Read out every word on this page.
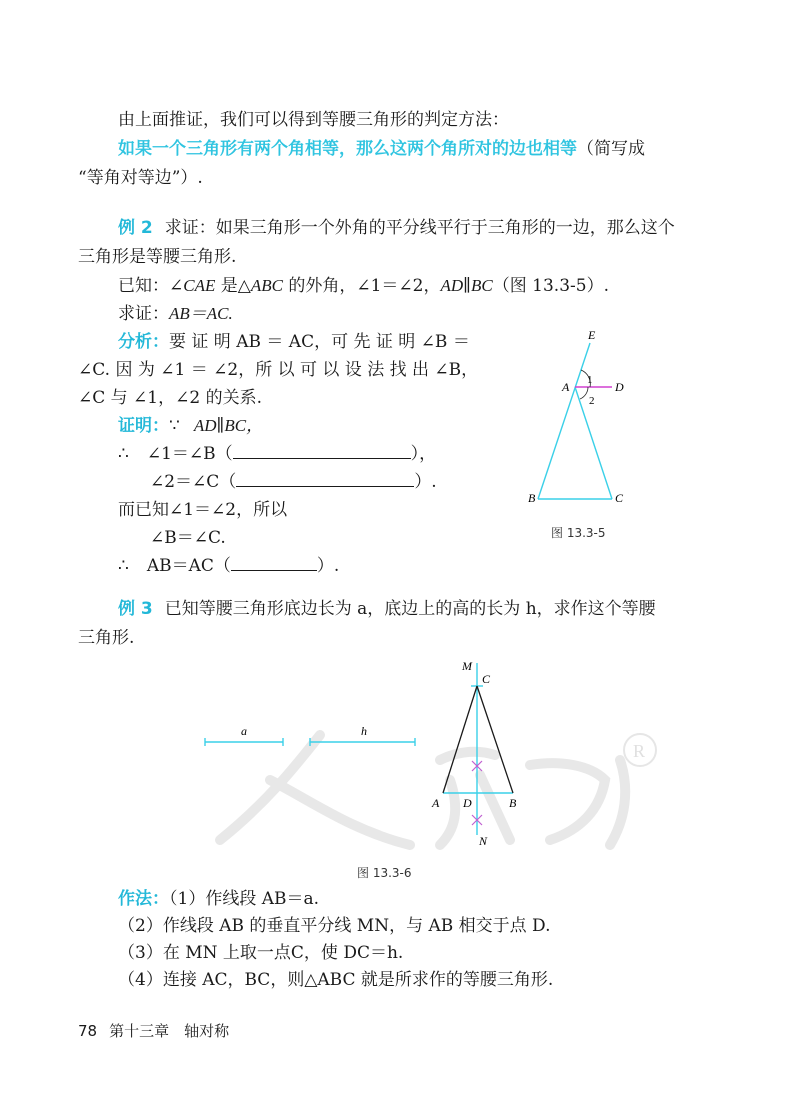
R
由上面推证，我们可以得到等腰三角形的判定方法：
如果一个三角形有两个角相等，那么这两个角所对的边也相等（简写成
“等角对等边”）.
例 2 求证：如果三角形一个外角的平分线平行于三角形的一边，那么这个
三角形是等腰三角形.
已知：∠CAE 是△ABC 的外角，∠1＝∠2，AD∥BC（图 13.3-5）.
求证：AB＝AC.
分析：要 证 明 AB ＝ AC，可 先 证 明 ∠B ＝
∠C. 因 为 ∠1 ＝ ∠2，所 以 可 以 设 法 找 出 ∠B，
∠C 与 ∠1，∠2 的关系.
证明：∵ AD∥BC，
∴ ∠1＝∠B（	），
∠2＝∠C（	）.
而已知∠1＝∠2，所以
∠B＝∠C.
∴ AB＝AC（	）.
E
A	D
1
2
B	C
图 13.3-5
例 3 已知等腰三角形底边长为 a，底边上的高的长为 h，求作这个等腰
三角形.
a	h
M
C
A D	B
N
图 13.3-6
作法：（1）作线段 AB＝a.
（2）作线段 AB 的垂直平分线 MN，与 AB 相交于点 D.
（3）在 MN 上取一点C，使 DC＝h.
（4）连接 AC，BC，则△ABC 就是所求作的等腰三角形.
78 第十三章　轴对称
